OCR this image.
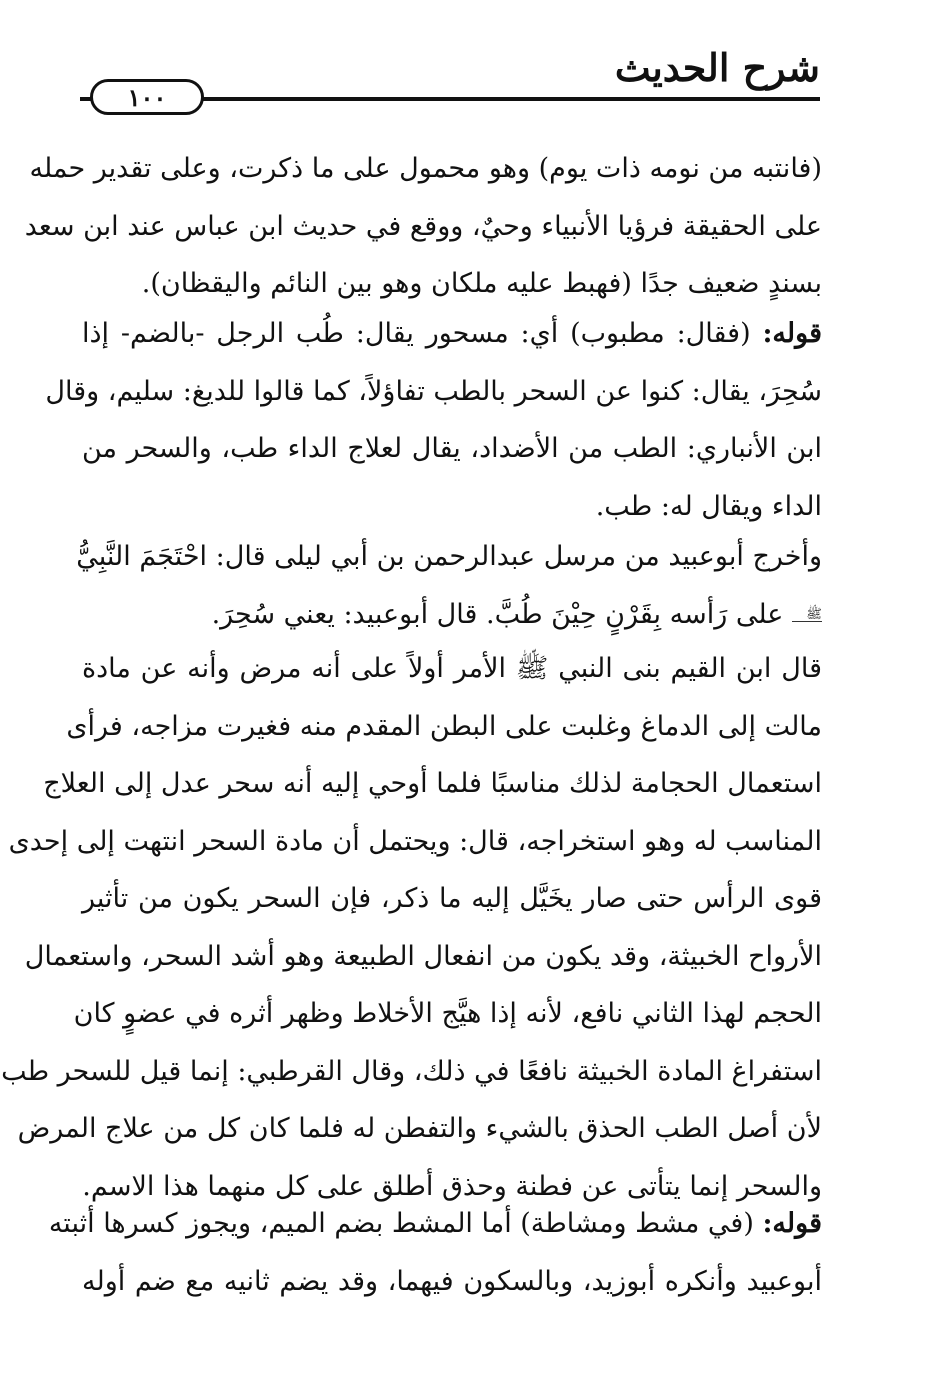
شرح الحديث
١٠٠
(فانتبه من نومه ذات يوم) وهو محمول على ما ذكرت، وعلى تقدير حمله
على الحقيقة فرؤيا الأنبياء وحيٌ، ووقع في حديث ابن عباس عند ابن سعد
بسندٍ ضعيف جدًا (فهبط عليه ملكان وهو بين النائم واليقظان).
قوله: (فقال: مطبوب) أي: مسحور يقال: طُب الرجل -بالضم- إذا
سُحِرَ، يقال: كنوا عن السحر بالطب تفاؤلاً، كما قالوا للديغ: سليم، وقال
ابن الأنباري: الطب من الأضداد، يقال لعلاج الداء طب، والسحر من
الداء ويقال له: طب.
وأخرج أبوعبيد من مرسل عبدالرحمن بن أبي ليلى قال: احْتَجَمَ النَّبِيُّ
ﷺ على رَأسه بِقَرْنٍ حِيْنَ طُبَّ. قال أبوعبيد: يعني سُحِرَ.
قال ابن القيم بنى النبي ﷺ الأمر أولاً على أنه مرض وأنه عن مادة
مالت إلى الدماغ وغلبت على البطن المقدم منه فغيرت مزاجه، فرأى
استعمال الحجامة لذلك مناسبًا فلما أوحي إليه أنه سحر عدل إلى العلاج
المناسب له وهو استخراجه، قال: ويحتمل أن مادة السحر انتهت إلى إحدى
قوى الرأس حتى صار يخَيَّل إليه ما ذكر، فإن السحر يكون من تأثير
الأرواح الخبيثة، وقد يكون من انفعال الطبيعة وهو أشد السحر، واستعمال
الحجم لهذا الثاني نافع، لأنه إذا هيَّج الأخلاط وظهر أثره في عضوٍ كان
استفراغ المادة الخبيثة نافعًا في ذلك، وقال القرطبي: إنما قيل للسحر طب
لأن أصل الطب الحذق بالشيء والتفطن له فلما كان كل من علاج المرض
والسحر إنما يتأتى عن فطنة وحذق أطلق على كل منهما هذا الاسم.
قوله: (في مشط ومشاطة) أما المشط بضم الميم، ويجوز كسرها أثبته
أبوعبيد وأنكره أبوزيد، وبالسكون فيهما، وقد يضم ثانيه مع ضم أوله
